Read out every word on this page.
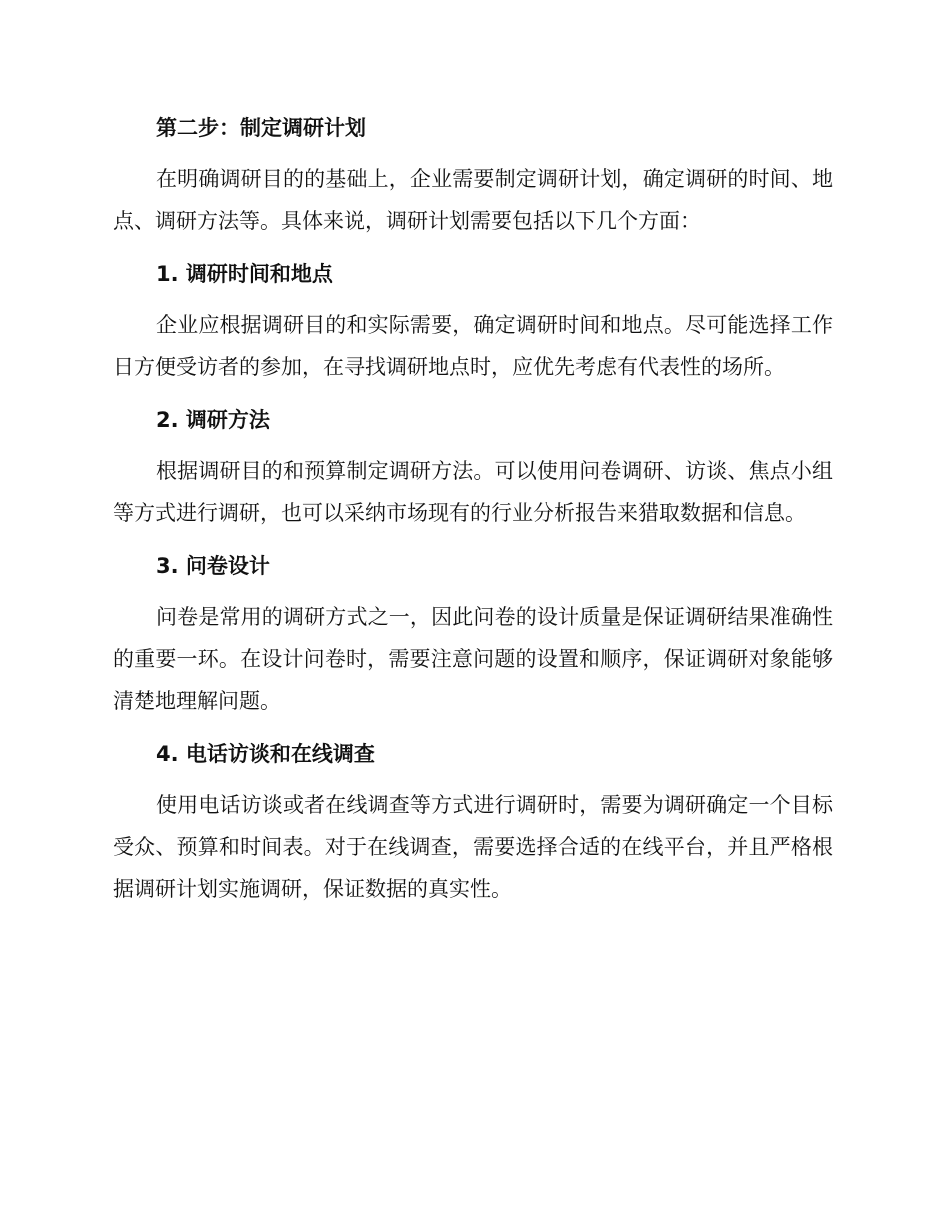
第二步：制定调研计划

在明确调研目的的基础上，企业需要制定调研计划，确定调研的时间、地点、调研方法等。具体来说，调研计划需要包括以下几个方面：

1. 调研时间和地点

企业应根据调研目的和实际需要，确定调研时间和地点。尽可能选择工作日方便受访者的参加，在寻找调研地点时，应优先考虑有代表性的场所。

2. 调研方法

根据调研目的和预算制定调研方法。可以使用问卷调研、访谈、焦点小组等方式进行调研，也可以采纳市场现有的行业分析报告来猎取数据和信息。

3. 问卷设计

问卷是常用的调研方式之一，因此问卷的设计质量是保证调研结果准确性的重要一环。在设计问卷时，需要注意问题的设置和顺序，保证调研对象能够清楚地理解问题。

4. 电话访谈和在线调查

使用电话访谈或者在线调查等方式进行调研时，需要为调研确定一个目标受众、预算和时间表。对于在线调查，需要选择合适的在线平台，并且严格根据调研计划实施调研，保证数据的真实性。
